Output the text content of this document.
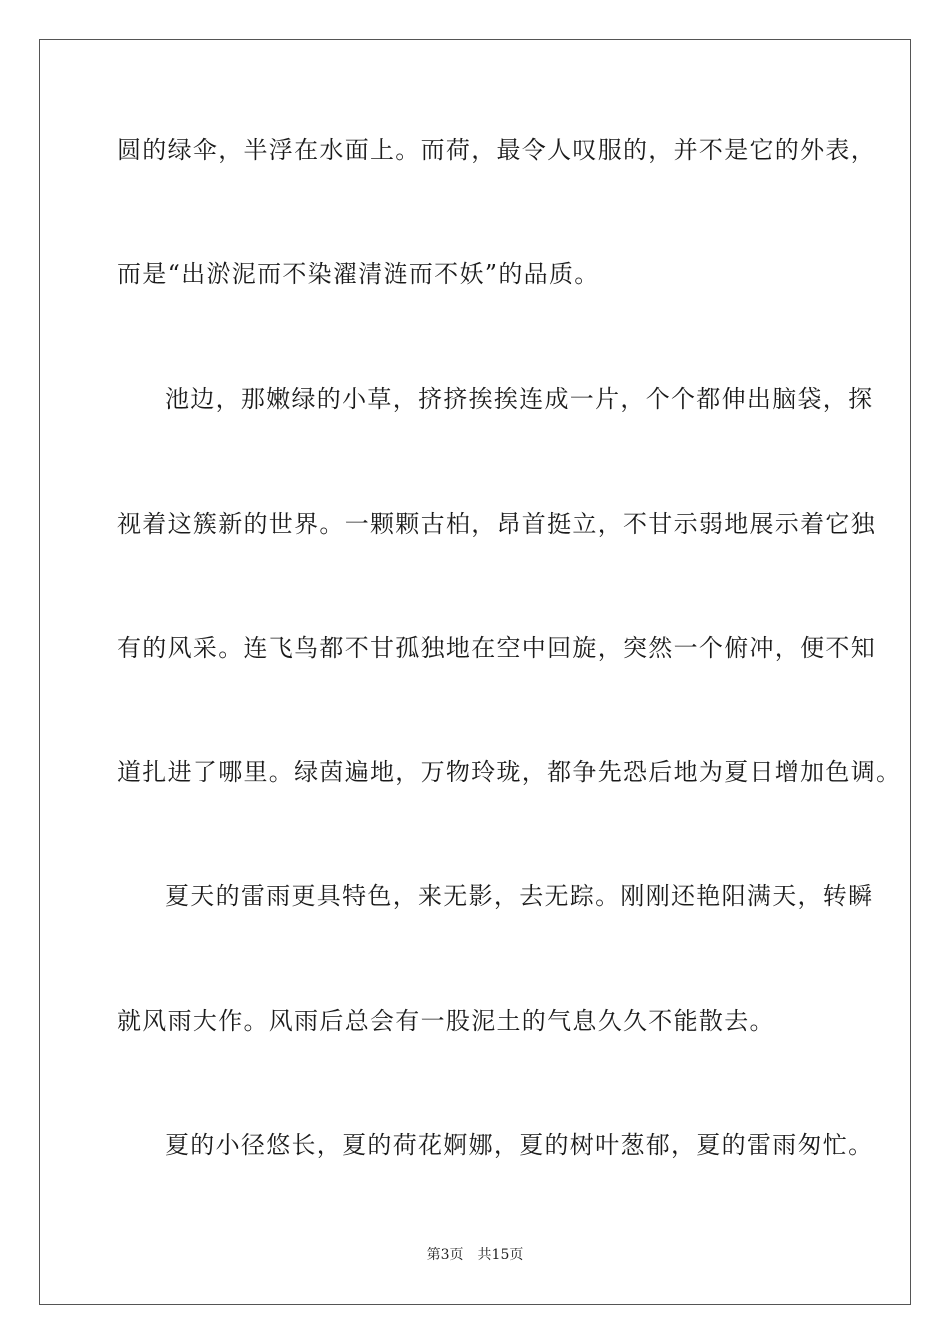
圆的绿伞，半浮在水面上。而荷，最令人叹服的，并不是它的外表，
而是“出淤泥而不染濯清涟而不妖”的品质。
池边，那嫩绿的小草，挤挤挨挨连成一片，个个都伸出脑袋，探
视着这簇新的世界。一颗颗古柏，昂首挺立，不甘示弱地展示着它独
有的风采。连飞鸟都不甘孤独地在空中回旋，突然一个俯冲，便不知
道扎进了哪里。绿茵遍地，万物玲珑，都争先恐后地为夏日增加色调。
夏天的雷雨更具特色，来无影，去无踪。刚刚还艳阳满天，转瞬
就风雨大作。风雨后总会有一股泥土的气息久久不能散去。
夏的小径悠长，夏的荷花婀娜，夏的树叶葱郁，夏的雷雨匆忙。
第3页 共15页
